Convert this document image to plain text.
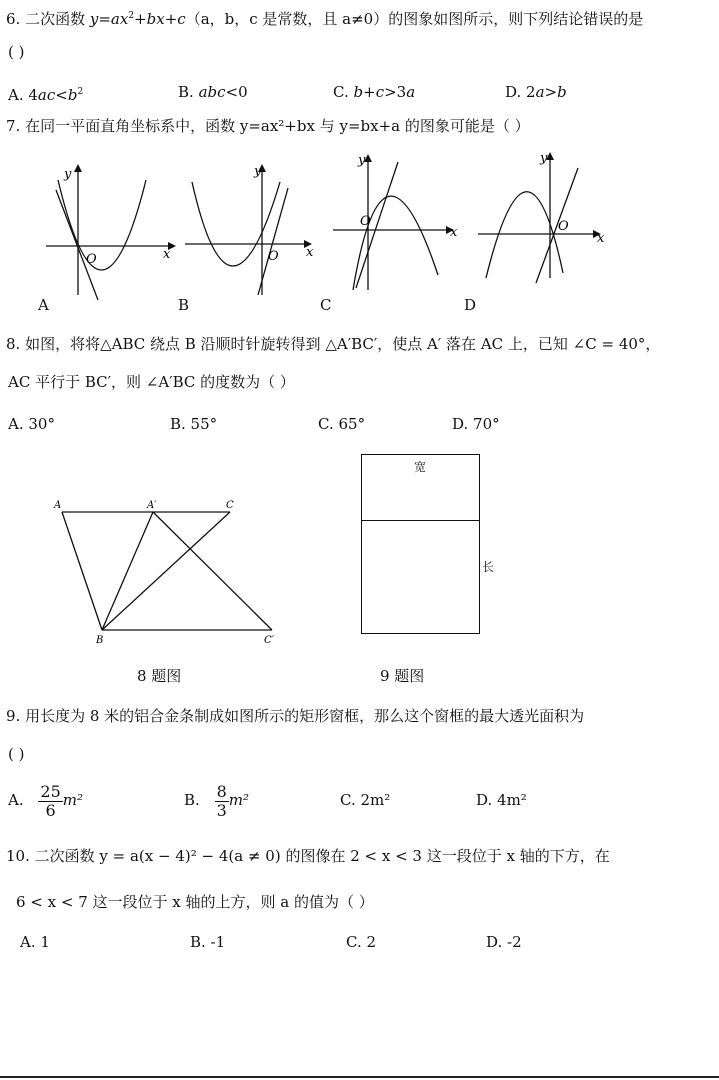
6. 二次函数 $y=ax^2+bx+c(a$，b，c 是常数，且 a≠0）的图象如图所示，则下列结论错误的是
( )
A. $4ac<b^2$	B. abc<0	C. b+c>3a	D. 2a>b
7. 在同一平面直角坐标系中，函数 y=ax²+bx 与 y=bx+a 的图象可能是（ ）
y
x
O
A
y
x
O
B
y
x
O
C
y
x
O
D
8. 如图，将将△ABC 绕点 B 沿顺时针旋转得到 △A′BC′，使点 A′ 落在 AC 上，已知 ∠C = 40°，
AC 平行于 BC′，则 ∠A′BC 的度数为（ ）
A. 30°	B. 55°	C. 65°	D. 70°
A	A′	C
B	C′
8 题图
宽
长
9 题图
9. 用长度为 8 米的铝合金条制成如图所示的矩形窗框，那么这个窗框的最大透光面积为
( )
A. $\frac{25}{6} m^2$	B. $\frac{8}{3} m^2$	C. 2m²	D. 4m²
10. 二次函数 y = a(x − 4)² − 4(a ≠ 0) 的图像在 2 < x < 3 这一段位于 x 轴的下方，在
6 < x < 7 这一段位于 x 轴的上方，则 a 的值为（ ）
A. 1	B. -1	C. 2	D. -2
